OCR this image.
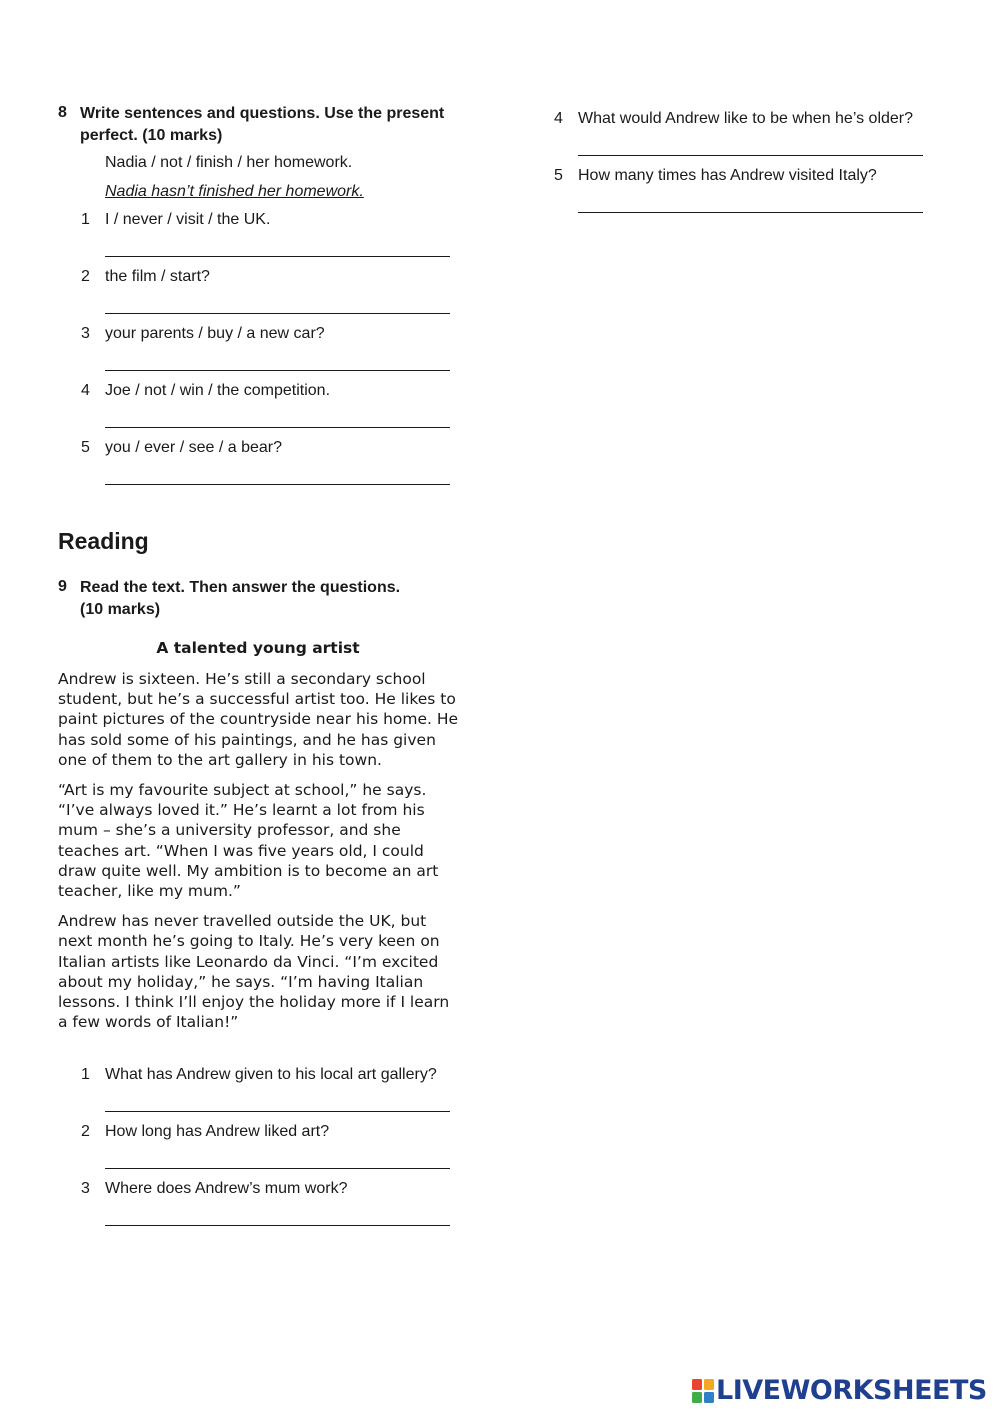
8 Write sentences and questions. Use the present
perfect. (10 marks)
Nadia / not / finish / her homework.
Nadia hasn’t finished her homework.
1 I / never / visit / the UK.
2 the film / start?
3 your parents / buy / a new car?
4 Joe / not / win / the competition.
5 you / ever / see / a bear?
Reading
9 Read the text. Then answer the questions.
(10 marks)
A talented young artist

Andrew is sixteen. He’s still a secondary school student, but he’s a successful artist too. He likes to paint pictures of the countryside near his home. He has sold some of his paintings, and he has given one of them to the art gallery in his town.

“Art is my favourite subject at school,” he says. “I’ve always loved it.” He’s learnt a lot from his mum – she’s a university professor, and she teaches art. “When I was five years old, I could draw quite well. My ambition is to become an art teacher, like my mum.”

Andrew has never travelled outside the UK, but next month he’s going to Italy. He’s very keen on Italian artists like Leonardo da Vinci. “I’m excited about my holiday,” he says. “I’m having Italian lessons. I think I’ll enjoy the holiday more if I learn a few words of Italian!”

1 What has Andrew given to his local art gallery?
2 How long has Andrew liked art?
3 Where does Andrew’s mum work?
4 What would Andrew like to be when he’s older?
5 How many times has Andrew visited Italy?
LIVEWORKSHEETS
